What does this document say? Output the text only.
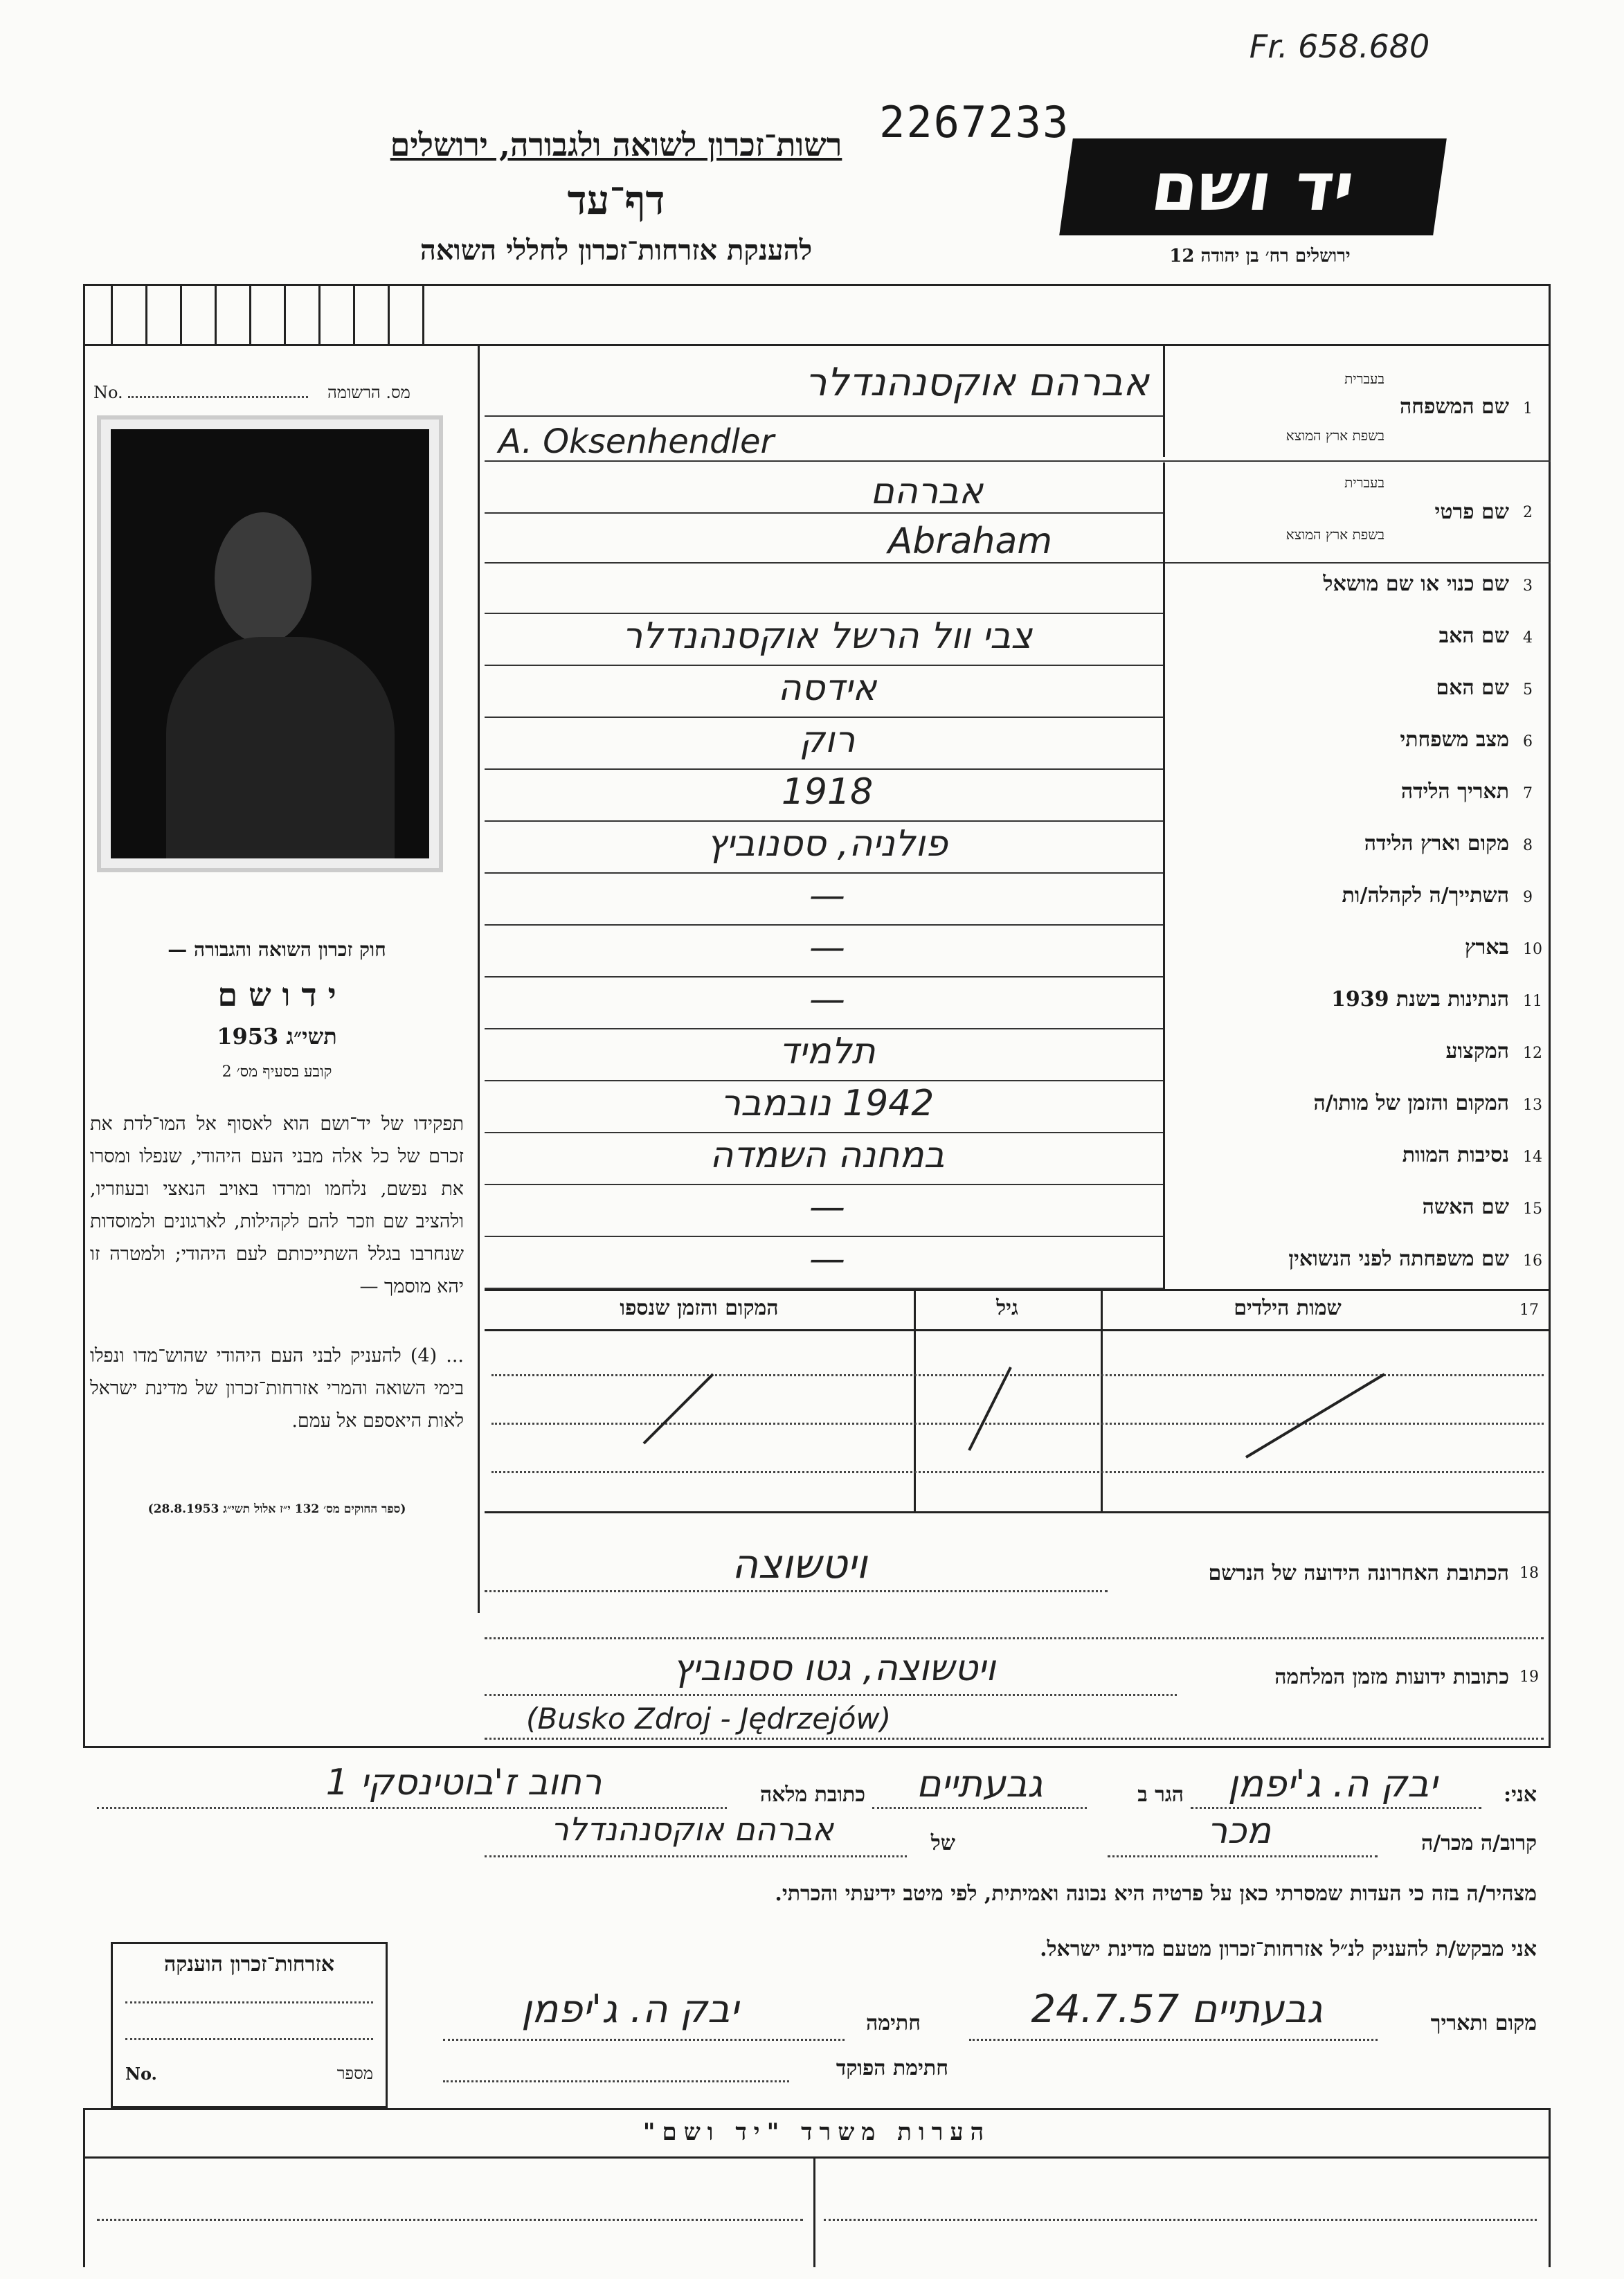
Fr. 658.680
2267233
רשות־זכרון לשואה ולגבורה, ירושלים
דף־עד
להענקת אזרחות־זכרון לחללי השואה
יד ושם
ירושלים רח׳ בן יהודה 12
No.	מס. הרשומה
חוק זכרון השואה והגבורה —
י ד ו ש ם
תשי״ג 1953
קובע בסעיף מס׳ 2
תפקידו של יד־ושם הוא לאסוף אל המו־לדת את זכרם של כל אלה מבני העם היהודי, שנפלו ומסרו את נפשם, נלחמו ומרדו באויב הנאצי ובעוזריו, ולהציב שם וזכר להם לקהילות, לארגונים ולמוסדות שנחרבו בגלל השתייכותם לעם היהודי; ולמטרה זו יהא מוסמך —
... (4) להעניק לבני העם היהודי שהוש־מדו ונפלו בימי השואה והמרי אזרחות־זכרון של מדינת ישראל לאות היאספם אל עמם.
(ספר החוקים מס׳ 132 י״ז אלול תשי״ג 28.8.1953)
שם המשפחה
בעברית
בשפת ארץ המוצא
1
אברהם אוקסנהנדלר
A. Oksenhendler
שם פרטי
בעברית
בשפת ארץ המוצא
2
אברהם
Abraham
3
שם כנוי או שם מושאל
4
שם האב
צבי וול הרשל אוקסנהנדלר
5
שם האם
אידסה
6
מצב משפחתי
רוק
7
תאריך הלידה
1918
8
מקום וארץ הלידה
פולניה, ססנוביץ
9
השתייך/ה לקהלה/ות
—
10
בארץ
—
11
הנתינות בשנת 1939
—
12
המקצוע
תלמיד
13
המקום והזמן של מותו/ה
1942 נובמבר
14
נסיבות המוות
במחנה השמדה
15
שם האשה
—
16
שם משפחתה לפני הנשואין
—
17
שמות הילדים
גיל
המקום והזמן שנספו
18
הכתובת האחרונה הידועה של הנרשם
ויטשוצה
19
כתובות ידועות מזמן המלחמה
ויטשוצה, גטו ססנוביץ
(Busko Zdroj - Jędrzejów)
אני:
יבק ה. ג'יפמן
הגר ב
גבעתיים
כתובת מלאה
רחוב ז'בוטינסקי 1
קרוב/ה מכר/ה
מכר
של
אברהם אוקסנהנדלר
מצהיר/ה בזה כי העדות שמסרתי כאן על פרטיה היא נכונה ואמיתית, לפי מיטב ידיעתי והכרתי.
אני מבקש/ת להעניק לנ״ל אזרחות־זכרון מטעם מדינת ישראל.
מקום ותאריך
גבעתיים 24.7.57
חתימה
יבק ה. ג'יפמן
חתימת הפוקד
אזרחות־זכרון הוענקה
No.	מספר
הערות משרד "יד ושם"
